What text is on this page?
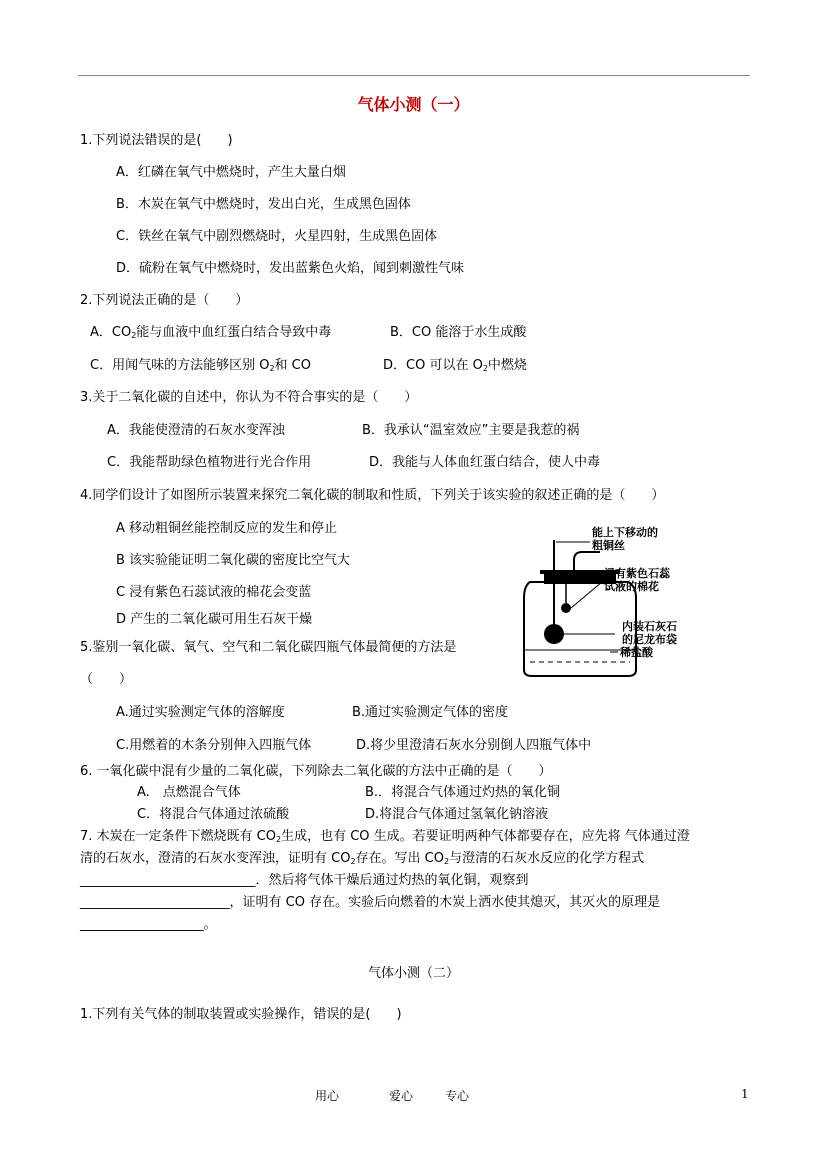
气体小测（一）
1.下列说法错误的是(　　)
A．红磷在氧气中燃烧时，产生大量白烟
B．木炭在氧气中燃烧时，发出白光，生成黑色固体
C．铁丝在氧气中剧烈燃烧时，火星四射，生成黑色固体
D．硫粉在氧气中燃烧时，发出蓝紫色火焰，闻到刺激性气味
2.下列说法正确的是（　　）
A．$CO_2$能与血液中血红蛋白结合导致中毒	B．CO 能溶于水生成酸
C．用闻气味的方法能够区别 $O_2$和 CO	D．CO 可以在 $O_2$中燃烧
3.关于二氧化碳的自述中，你认为不符合事实的是（　　）
A．我能使澄清的石灰水变浑浊	B．我承认“温室效应”主要是我惹的祸
C．我能帮助绿色植物进行光合作用	D．我能与人体血红蛋白结合，使人中毒
4.同学们设计了如图所示装置来探究二氧化碳的制取和性质，下列关于该实验的叙述正确的是（　　）
A 移动粗铜丝能控制反应的发生和停止
B 该实验能证明二氧化碳的密度比空气大
C 浸有紫色石蕊试液的棉花会变蓝
D 产生的二氧化碳可用生石灰干燥
能上下移动的
粗铜丝
浸有紫色石蕊
试液的棉花
内装石灰石
的尼龙布袋
稀盐酸
5.鉴别一氧化碳、氧气、空气和二氧化碳四瓶气体最简便的方法是
（　　）
A.通过实验测定气体的溶解度	B.通过实验测定气体的密度
C.用燃着的木条分别伸入四瓶气体	D.将少里澄清石灰水分别倒人四瓶气体中
6. 一氧化碳中混有少量的二氧化碳，下列除去二氧化碳的方法中正确的是（　　）
A.　点燃混合气体	B.．将混合气体通过灼热的氧化铜
C．将混合气体通过浓硫酸	D.将混合气体通过氢氧化钠溶液
7. 木炭在一定条件下燃烧既有 $CO_2$生成，也有 CO 生成。若要证明两种气体都要存在，应先将 气体通过澄
清的石灰水，澄清的石灰水变浑浊，证明有 $CO_2$存在。写出 $CO_2$与澄清的石灰水反应的化学方程式
___________________________．然后将气体干燥后通过灼热的氧化铜，观察到
_______________________，证明有 CO 存在。实验后向燃着的木炭上洒水使其熄灭，其灭火的原理是
___________________。
气体小测（二）
1.下列有关气体的制取装置或实验操作，错误的是(　　)
用心	爱心	专心	1
